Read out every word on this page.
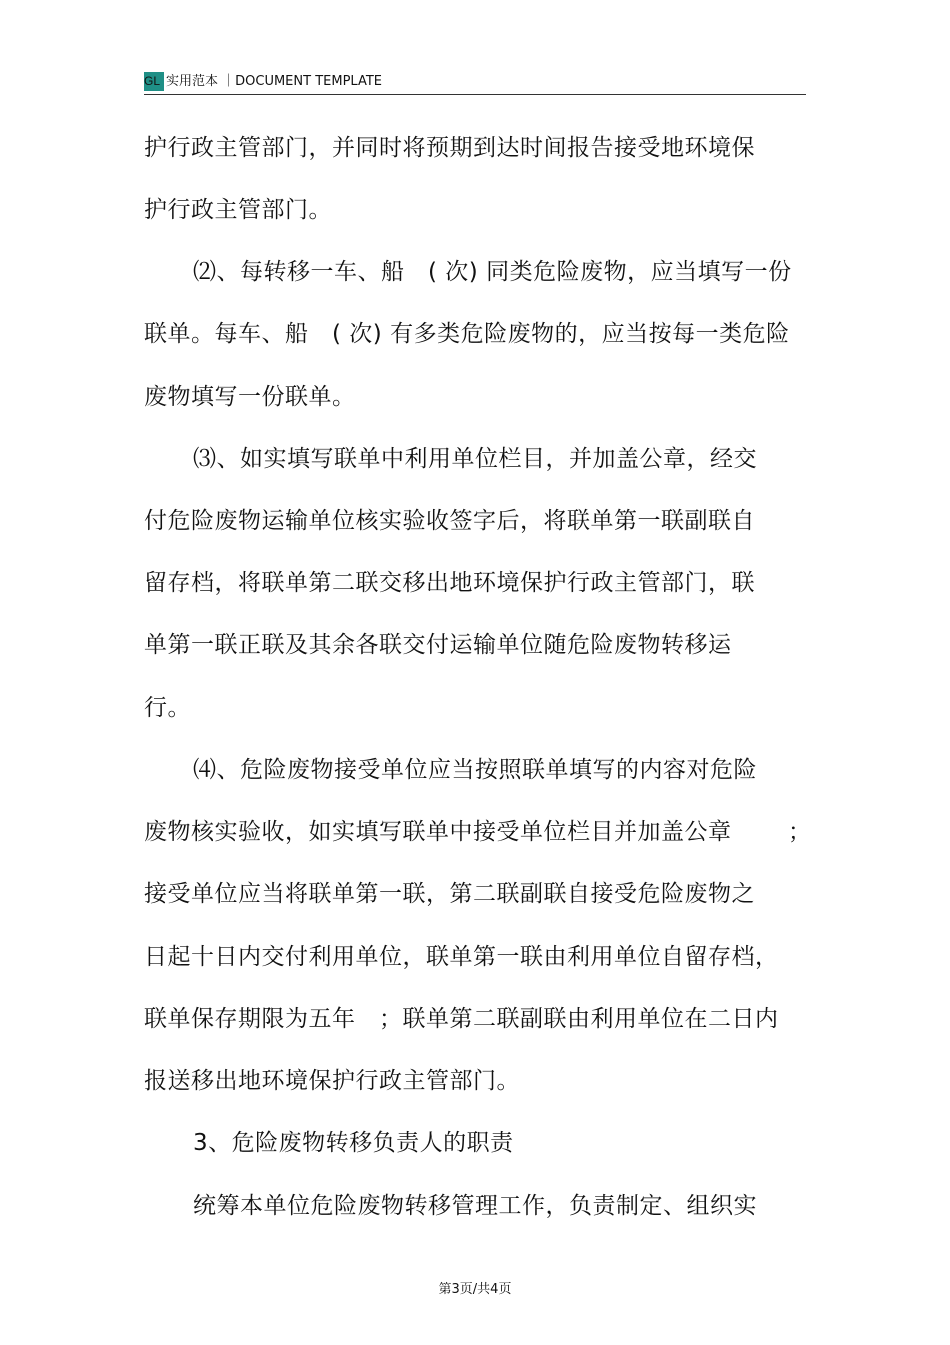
GL 实用范本 ｜DOCUMENT TEMPLATE
护行政主管部门，并同时将预期到达时间报告接受地环境保
护行政主管部门。
⑵、每转移一车、船　( 次) 同类危险废物，应当填写一份
联单。每车、船　( 次) 有多类危险废物的，应当按每一类危险
废物填写一份联单。
⑶、如实填写联单中利用单位栏目，并加盖公章，经交
付危险废物运输单位核实验收签字后，将联单第一联副联自
留存档，将联单第二联交移出地环境保护行政主管部门，联
单第一联正联及其余各联交付运输单位随危险废物转移运
行。
⑷、危险废物接受单位应当按照联单填写的内容对危险
废物核实验收，如实填写联单中接受单位栏目并加盖公章 ；
接受单位应当将联单第一联，第二联副联自接受危险废物之
日起十日内交付利用单位，联单第一联由利用单位自留存档，
联单保存期限为五年　；联单第二联副联由利用单位在二日内
报送移出地环境保护行政主管部门。
3、危险废物转移负责人的职责
统筹本单位危险废物转移管理工作，负责制定、组织实
第3页/共4页
